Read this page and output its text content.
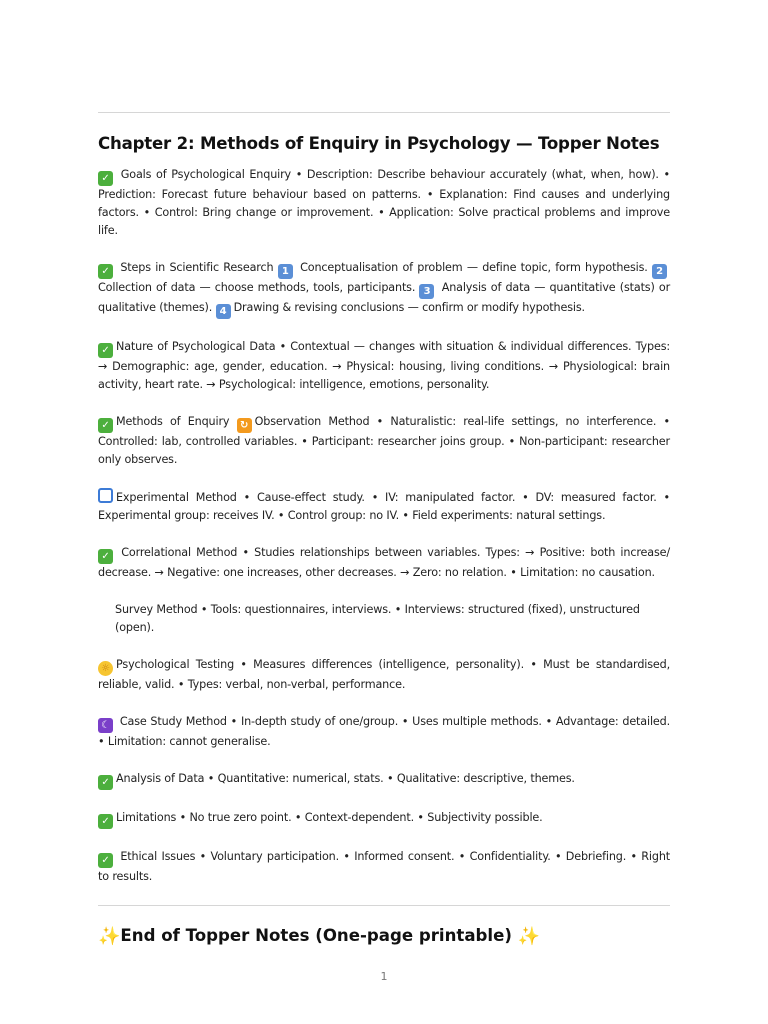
Chapter 2: Methods of Enquiry in Psychology — Topper Notes

✓ Goals of Psychological Enquiry • Description: Describe behaviour accurately (what, when, how). • Prediction: Forecast future behaviour based on patterns. • Explanation: Find causes and underlying factors. • Control: Bring change or improvement. • Application: Solve practical problems and improve life.

✓ Steps in Scientific Research 1 Conceptualisation of problem — define topic, form hypothesis. 2 Collection of data — choose methods, tools, participants. 3 Analysis of data — quantitative (stats) or qualitative (themes). 4 Drawing & revising conclusions — confirm or modify hypothesis.

✓Nature of Psychological Data • Contextual — changes with situation & individual differences. Types: → Demographic: age, gender, education. → Physical: housing, living conditions. → Physiological: brain activity, heart rate. → Psychological: intelligence, emotions, personality.

✓Methods of Enquiry ↻ Observation Method • Naturalistic: real-life settings, no interference. • Controlled: lab, controlled variables. • Participant: researcher joins group. • Non-participant: researcher only observes.

Experimental Method • Cause-effect study. • IV: manipulated factor. • DV: measured factor. • Experimental group: receives IV. • Control group: no IV. • Field experiments: natural settings.

✓ Correlational Method • Studies relationships between variables. Types: → Positive: both increase/ decrease. → Negative: one increases, other decreases. → Zero: no relation. • Limitation: no causation.

Survey Method • Tools: questionnaires, interviews. • Interviews: structured (fixed), unstructured (open).

☼Psychological Testing • Measures differences (intelligence, personality). • Must be standardised, reliable, valid. • Types: verbal, non-verbal, performance.

☾ Case Study Method • In-depth study of one/group. • Uses multiple methods. • Advantage: detailed. • Limitation: cannot generalise.

✓Analysis of Data • Quantitative: numerical, stats. • Qualitative: descriptive, themes.

✓Limitations • No true zero point. • Context-dependent. • Subjectivity possible.

✓ Ethical Issues • Voluntary participation. • Informed consent. • Confidentiality. • Debriefing. • Right to results.

✨End of Topper Notes (One-page printable) ✨
1
